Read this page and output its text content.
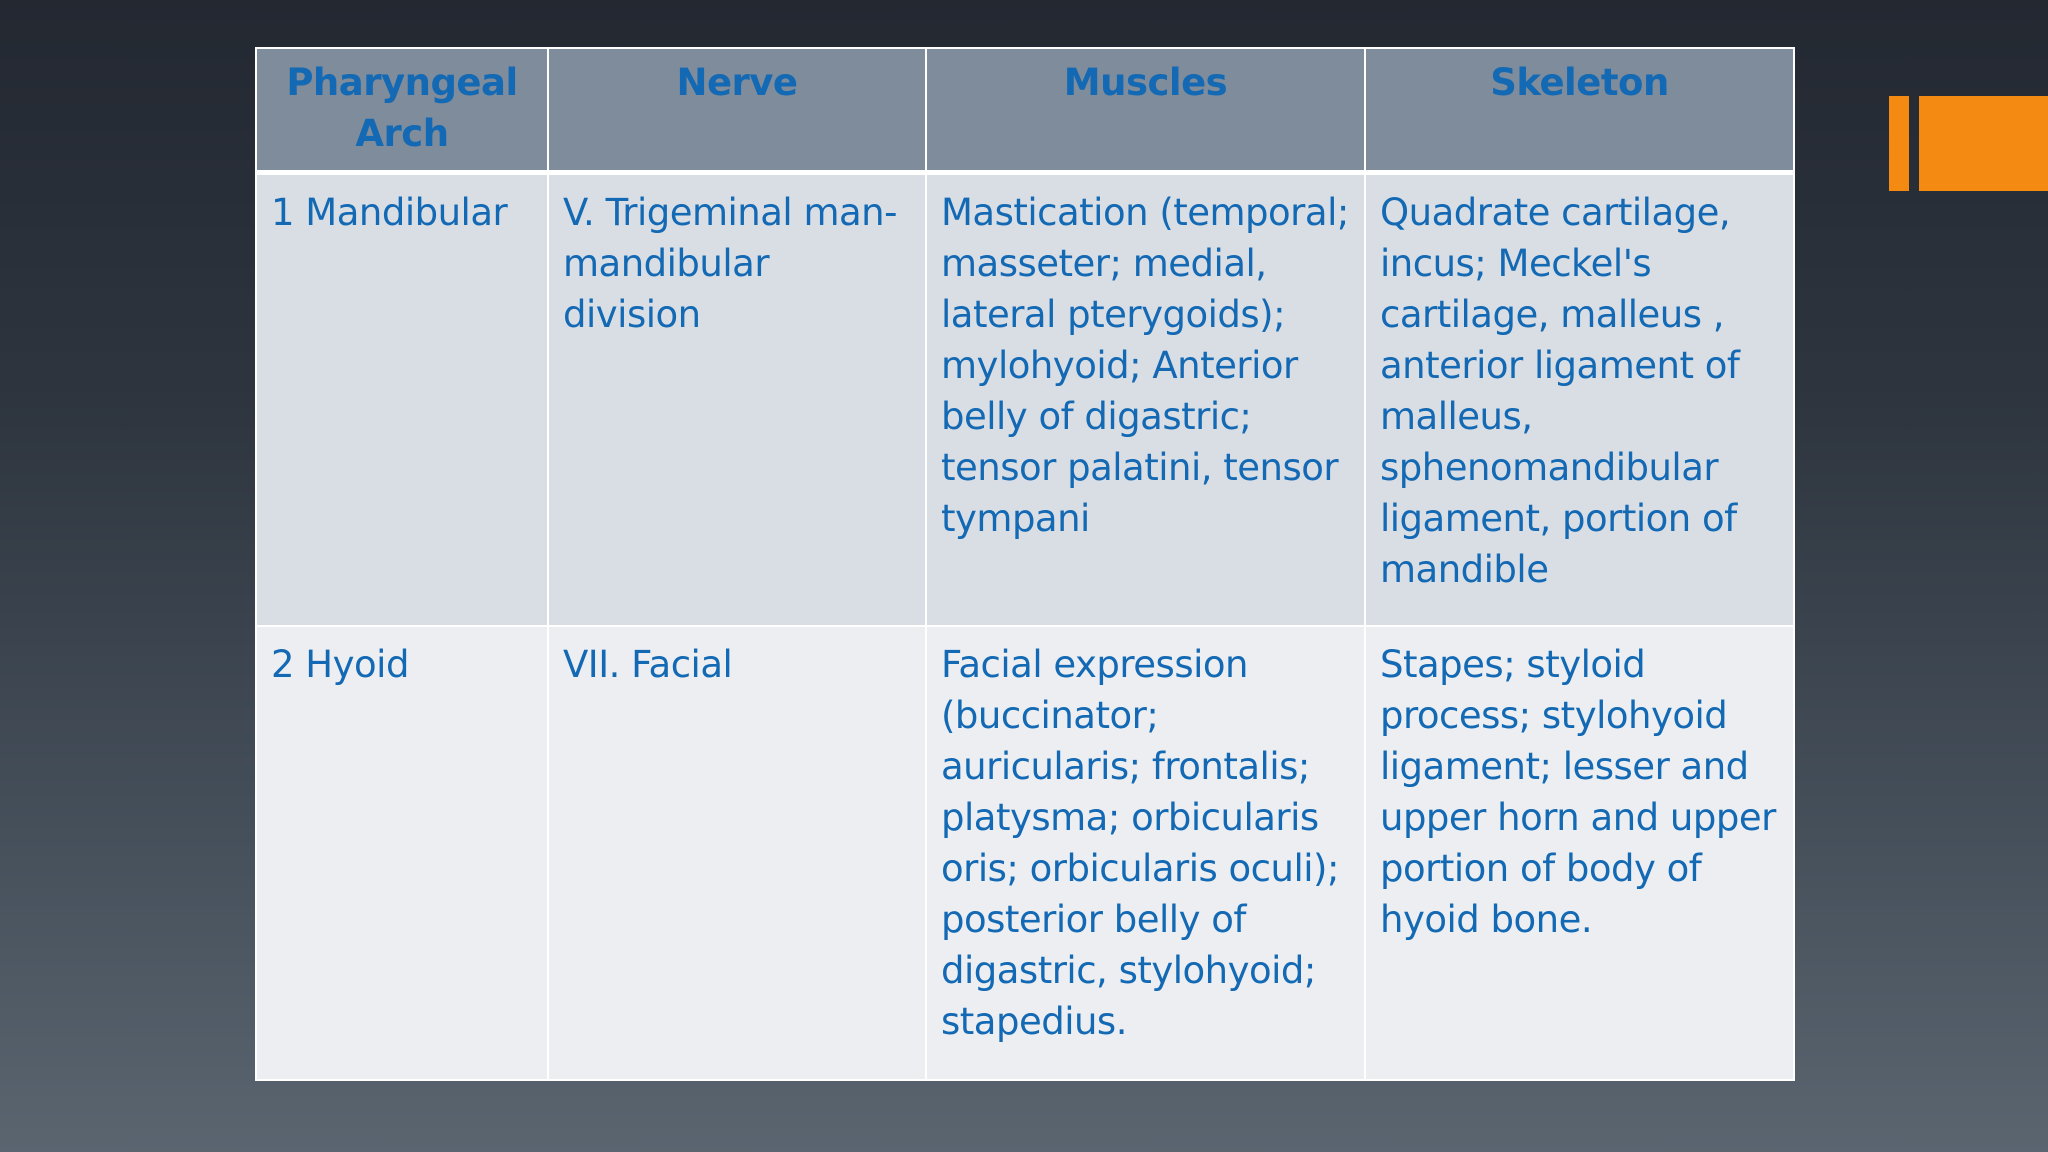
Pharyngeal Arch	Nerve	Muscles	Skeleton
1 Mandibular	V. Trigeminal man-mandibular division	Mastication (temporal; masseter; medial, lateral pterygoids); mylohyoid; Anterior belly of digastric; tensor palatini, tensor tympani	Quadrate cartilage, incus; Meckel's cartilage, malleus , anterior ligament of malleus, sphenomandibular ligament, portion of mandible
2 Hyoid	VII. Facial	Facial expression (buccinator; auricularis; frontalis; platysma; orbicularis oris; orbicularis oculi); posterior belly of digastric, stylohyoid; stapedius.	Stapes; styloid process; stylohyoid ligament; lesser and upper horn and upper portion of body of hyoid bone.
